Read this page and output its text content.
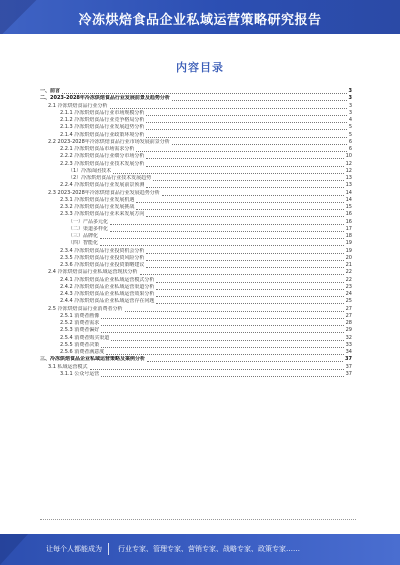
冷冻烘焙食品企业私域运营策略研究报告
内容目录
一、前言	3
二、2023-2028年冷冻烘焙食品行业发展前景及趋势分析	3
2.1 冷冻烘焙食品行业分析	3
2.1.1 冷冻烘焙食品行业市场规模分析	3
2.1.2 冷冻烘焙食品行业竞争格局分析	4
2.1.3 冷冻烘焙食品行业发展趋势分析	5
2.1.4 冷冻烘焙食品行业政策环境分析	5
2.2 2023-2028年冷冻烘焙食品行业市场发展前景分析	6
2.2.1 冷冻烘焙食品市场需求分析	6
2.2.2 冷冻烘焙食品行业细分市场分析	10
2.2.3 冷冻烘焙食品行业技术发展分析	12
（1）冷冻面团技术	12
（2）冷冻烘焙食品行业技术发展趋势	13
2.2.4 冷冻烘焙食品行业发展前景预测	13
2.3 2023-2028年冷冻烘焙食品行业发展趋势分析	14
2.3.1 冷冻烘焙食品行业发展机遇	14
2.3.2 冷冻烘焙食品行业发展挑战	15
2.3.3 冷冻烘焙食品行业未来发展方向	16
（一）产品多元化	16
（二）渠道多样化	17
（三）品牌化	18
（四）智能化	19
2.3.4 冷冻烘焙食品行业投资机会分析	19
2.3.5 冷冻烘焙食品行业投资风险分析	20
2.3.6 冷冻烘焙食品行业投资策略建议	21
2.4 冷冻烘焙食品行业私域运营现状分析	22
2.4.1 冷冻烘焙食品企业私域运营模式分析	22
2.4.2 冷冻烘焙食品企业私域运营渠道分析	23
2.4.3 冷冻烘焙食品企业私域运营效果分析	24
2.4.4 冷冻烘焙食品企业私域运营存在问题	25
2.5 冷冻烘焙食品行业消费者分析	27
2.5.1 消费者画像	27
2.5.2 消费者需求	28
2.5.3 消费者偏好	29
2.5.4 消费者购买渠道	32
2.5.5 消费者决策	33
2.5.6 消费者满意度	34
三、冷冻烘焙食品企业私域运营策略及案例分析	37
3.1 私域运营模式	37
3.1.1 公众号运营	37
让每个人都能成为 行业专家、管理专家、营销专家、战略专家、政策专家……
